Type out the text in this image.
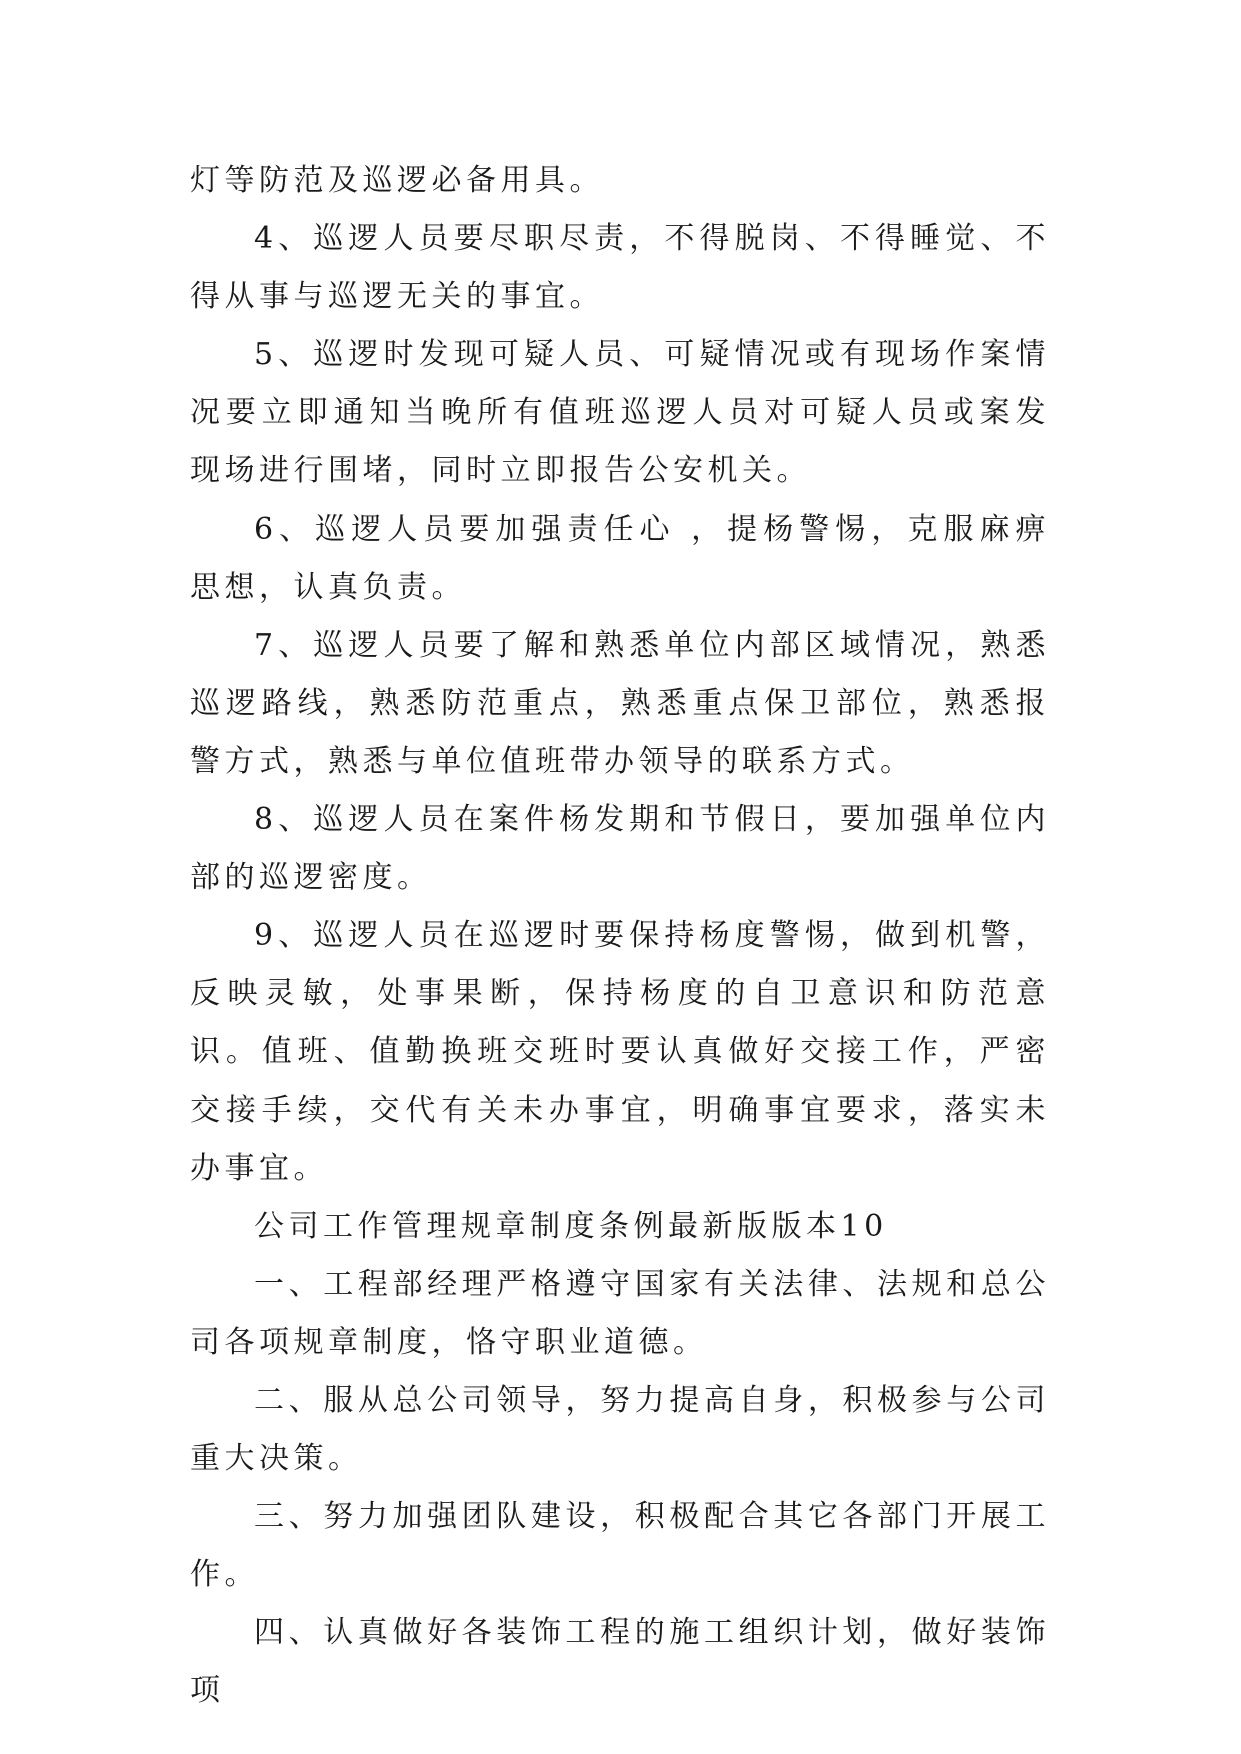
灯等防范及巡逻必备用具。

4、巡逻人员要尽职尽责，不得脱岗、不得睡觉、不得从事与巡逻无关的事宜。

5、巡逻时发现可疑人员、可疑情况或有现场作案情况要立即通知当晚所有值班巡逻人员对可疑人员或案发现场进行围堵，同时立即报告公安机关。

6、巡逻人员要加强责任心 ，提杨警惕，克服麻痹思想，认真负责。

7、巡逻人员要了解和熟悉单位内部区域情况，熟悉巡逻路线，熟悉防范重点，熟悉重点保卫部位，熟悉报警方式，熟悉与单位值班带办领导的联系方式。

8、巡逻人员在案件杨发期和节假日，要加强单位内部的巡逻密度。

9、巡逻人员在巡逻时要保持杨度警惕，做到机警，反映灵敏，处事果断，保持杨度的自卫意识和防范意识。值班、值勤换班交班时要认真做好交接工作，严密交接手续，交代有关未办事宜，明确事宜要求，落实未办事宜。

公司工作管理规章制度条例最新版版本10

一、工程部经理严格遵守国家有关法律、法规和总公司各项规章制度，恪守职业道德。

二、服从总公司领导，努力提高自身，积极参与公司重大决策。

三、努力加强团队建设，积极配合其它各部门开展工作。

四、认真做好各装饰工程的施工组织计划，做好装饰项
